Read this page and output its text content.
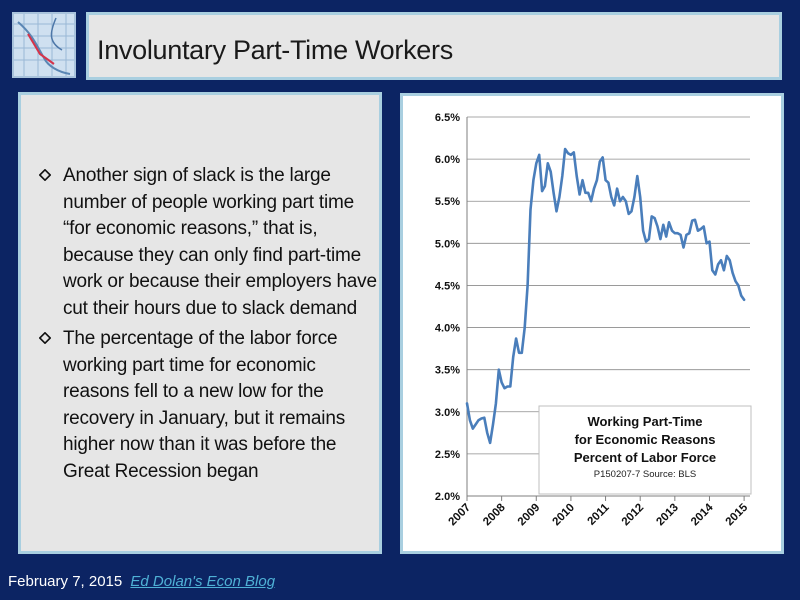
Involuntary Part-Time Workers
Another sign of slack is the large number of people working part time “for economic reasons,” that is, because they can only find part-time work or because their employers have cut their hours due to slack demand
The percentage of the labor force working part time for economic reasons fell to a new low for the recovery in January, but it remains higher now than it was before the Great Recession began
2.0%
2.5%
3.0%
3.5%
4.0%
4.5%
5.0%
5.5%
6.0%
6.5%
2007 2008 2009 2010 2011 2012 2013 2014 2015
Working Part-Time
for Economic Reasons
Percent of Labor Force
P150207-7 Source: BLS
February 7, 2015 Ed Dolan's Econ Blog
